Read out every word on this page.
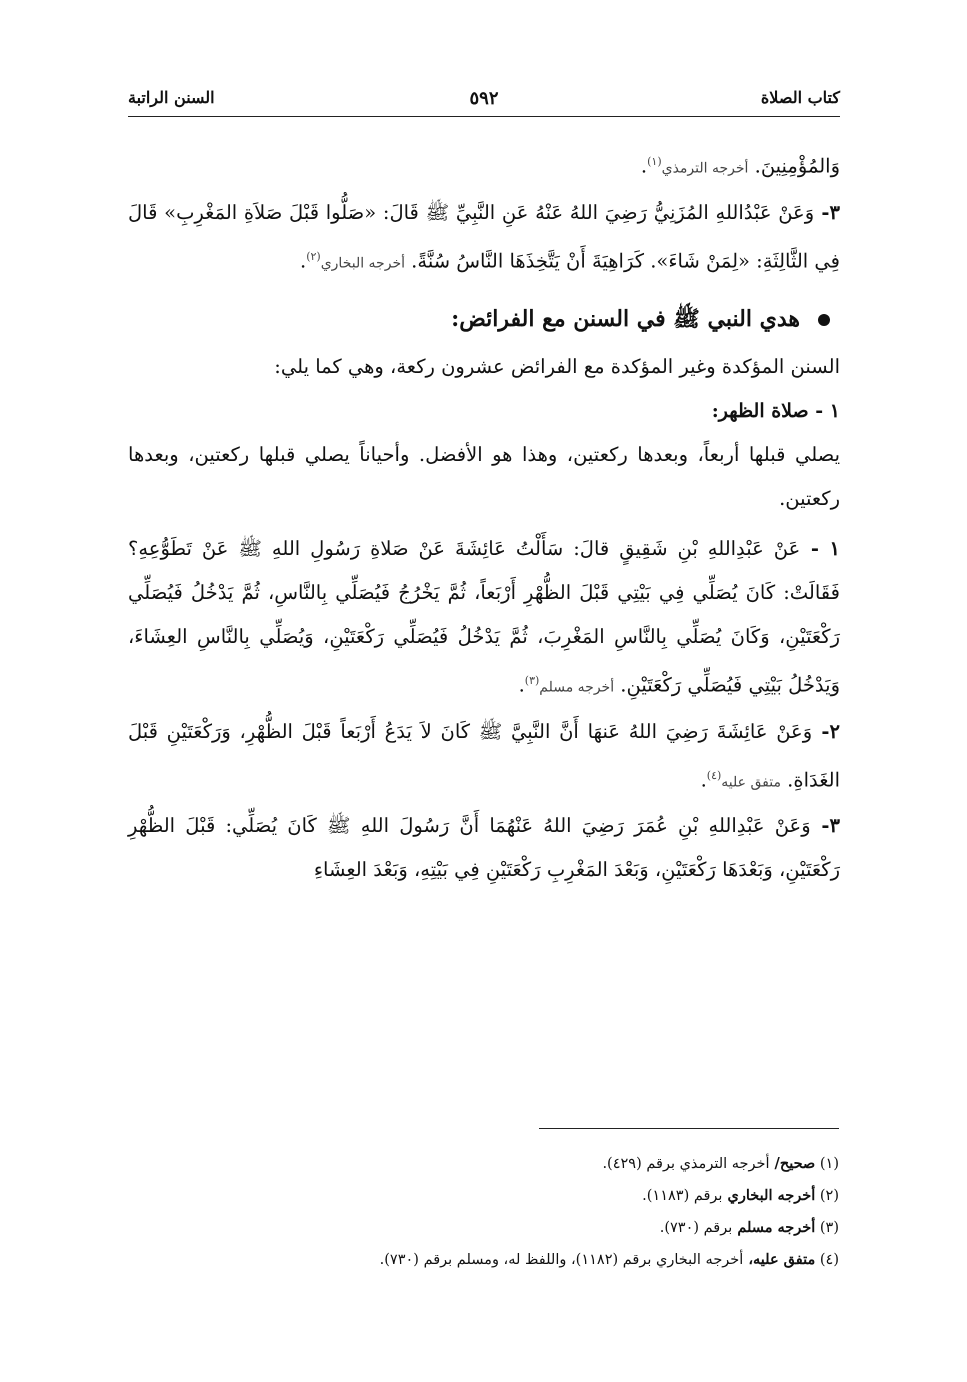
كتاب الصلاة
٥٩٢
السنن الراتبة

وَالمُؤْمِنِينَ. أخرجه الترمذي$^{(١)}$.

٣- وَعَنْ عَبْدُاللهِ المُزَنِيُّ رَضِيَ اللهُ عَنْهُ عَنِ النَّبِيِّ ﷺ قَالَ: «صَلُّوا قَبْلَ صَلاَةِ المَغْرِبِ» قَالَ فِي الثَّالِثَةِ: «لِمَنْ شَاءَ». كَرَاهِيَةَ أَنْ يَتَّخِذَهَا النَّاسُ سُنَّةً. أخرجه البخاري$^{(٢)}$.

هدي النبي ﷺ في السنن مع الفرائض:

السنن المؤكدة وغير المؤكدة مع الفرائض عشرون ركعة، وهي كما يلي:

١ - صلاة الظهر:

يصلي قبلها أربعاً، وبعدها ركعتين، وهذا هو الأفضل. وأحياناً يصلي قبلها ركعتين، وبعدها ركعتين.

١ - عَنْ عَبْدِاللهِ بْنِ شَقِيقٍ قالَ: سَأَلْتُ عَائِشَةَ عَنْ صَلاةِ رَسُولِ اللهِ ﷺ عَنْ تَطَوُّعِهِ؟ فَقَالَتْ: كَانَ يُصَلِّي فِي بَيْتِي قَبْلَ الظُّهْرِ أَرْبَعاً، ثُمَّ يَخْرُجُ فَيُصَلِّي بِالنَّاسِ، ثُمَّ يَدْخُلُ فَيُصَلِّي رَكْعَتَيْنِ، وَكَانَ يُصَلِّي بِالنَّاسِ المَغْرِبَ، ثُمَّ يَدْخُلُ فَيُصَلِّي رَكْعَتَيْنِ، وَيُصَلِّي بِالنَّاسِ العِشَاءَ، وَيَدْخُلُ بَيْتِي فَيُصَلِّي رَكْعَتَيْنِ. أخرجه مسلم$^{(٣)}$.

٢- وَعَنْ عَائِشَةَ رَضِيَ اللهُ عَنهَا أَنَّ النَّبِيَّ ﷺ كَانَ لاَ يَدَعُ أَرْبَعاً قَبْلَ الظُّهْرِ، وَرَكْعَتَيْنِ قَبْلَ الغَدَاةِ. متفق عليه$^{(٤)}$.

٣- وَعَنْ عَبْدِاللهِ بْنِ عُمَرَ رَضِيَ اللهُ عَنْهُمَا أَنَّ رَسُولَ اللهِ ﷺ كَانَ يُصَلِّي: قَبْلَ الظُّهْرِ رَكْعَتَيْنِ، وَبَعْدَهَا رَكْعَتَيْنِ، وَبَعْدَ المَغْرِبِ رَكْعَتَيْنِ فِي بَيْتِهِ، وَبَعْدَ العِشَاءِ

(١) صحيح/ أخرجه الترمذي برقم (٤٢٩).
(٢) أخرجه البخاري برقم (١١٨٣).
(٣) أخرجه مسلم برقم (٧٣٠).
(٤) متفق عليه، أخرجه البخاري برقم (١١٨٢)، واللفظ له، ومسلم برقم (٧٣٠).
